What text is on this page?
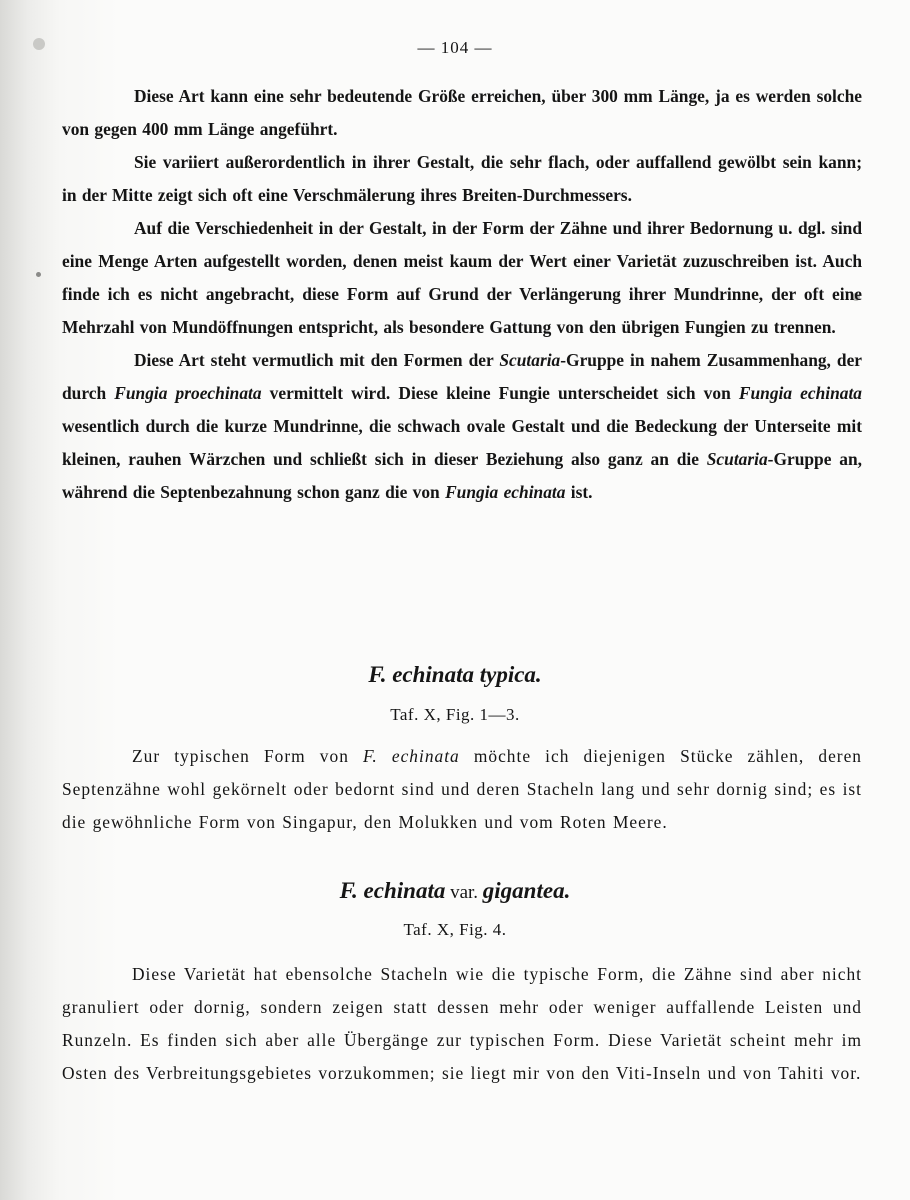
— 104 —

Diese Art kann eine sehr bedeutende Größe erreichen, über 300 mm Länge, ja es werden solche von gegen 400 mm Länge angeführt.

Sie variiert außerordentlich in ihrer Gestalt, die sehr flach, oder auffallend gewölbt sein kann; in der Mitte zeigt sich oft eine Verschmälerung ihres Breiten-Durchmessers.

Auf die Verschiedenheit in der Gestalt, in der Form der Zähne und ihrer Bedornung u. dgl. sind eine Menge Arten aufgestellt worden, denen meist kaum der Wert einer Varietät zuzuschreiben ist. Auch finde ich es nicht angebracht, diese Form auf Grund der Verlängerung ihrer Mundrinne, der oft eine Mehrzahl von Mundöffnungen entspricht, als besondere Gattung von den übrigen Fungien zu trennen.

Diese Art steht vermutlich mit den Formen der Scutaria-Gruppe in nahem Zusammenhang, der durch Fungia proechinata vermittelt wird. Diese kleine Fungie unterscheidet sich von Fungia echinata wesentlich durch die kurze Mundrinne, die schwach ovale Gestalt und die Bedeckung der Unterseite mit kleinen, rauhen Wärzchen und schließt sich in dieser Beziehung also ganz an die Scutaria-Gruppe an, während die Septenbezahnung schon ganz die von Fungia echinata ist.

F. echinata typica.
Taf. X, Fig. 1—3.

Zur typischen Form von F. echinata möchte ich diejenigen Stücke zählen, deren Septenzähne wohl gekörnelt oder bedornt sind und deren Stacheln lang und sehr dornig sind; es ist die gewöhnliche Form von Singapur, den Molukken und vom Roten Meere.

F. echinata var. gigantea.
Taf. X, Fig. 4.

Diese Varietät hat ebensolche Stacheln wie die typische Form, die Zähne sind aber nicht granuliert oder dornig, sondern zeigen statt dessen mehr oder weniger auffallende Leisten und Runzeln. Es finden sich aber alle Übergänge zur typischen Form. Diese Varietät scheint mehr im Osten des Verbreitungsgebietes vorzukommen; sie liegt mir von den Viti-Inseln und von Tahiti vor.
